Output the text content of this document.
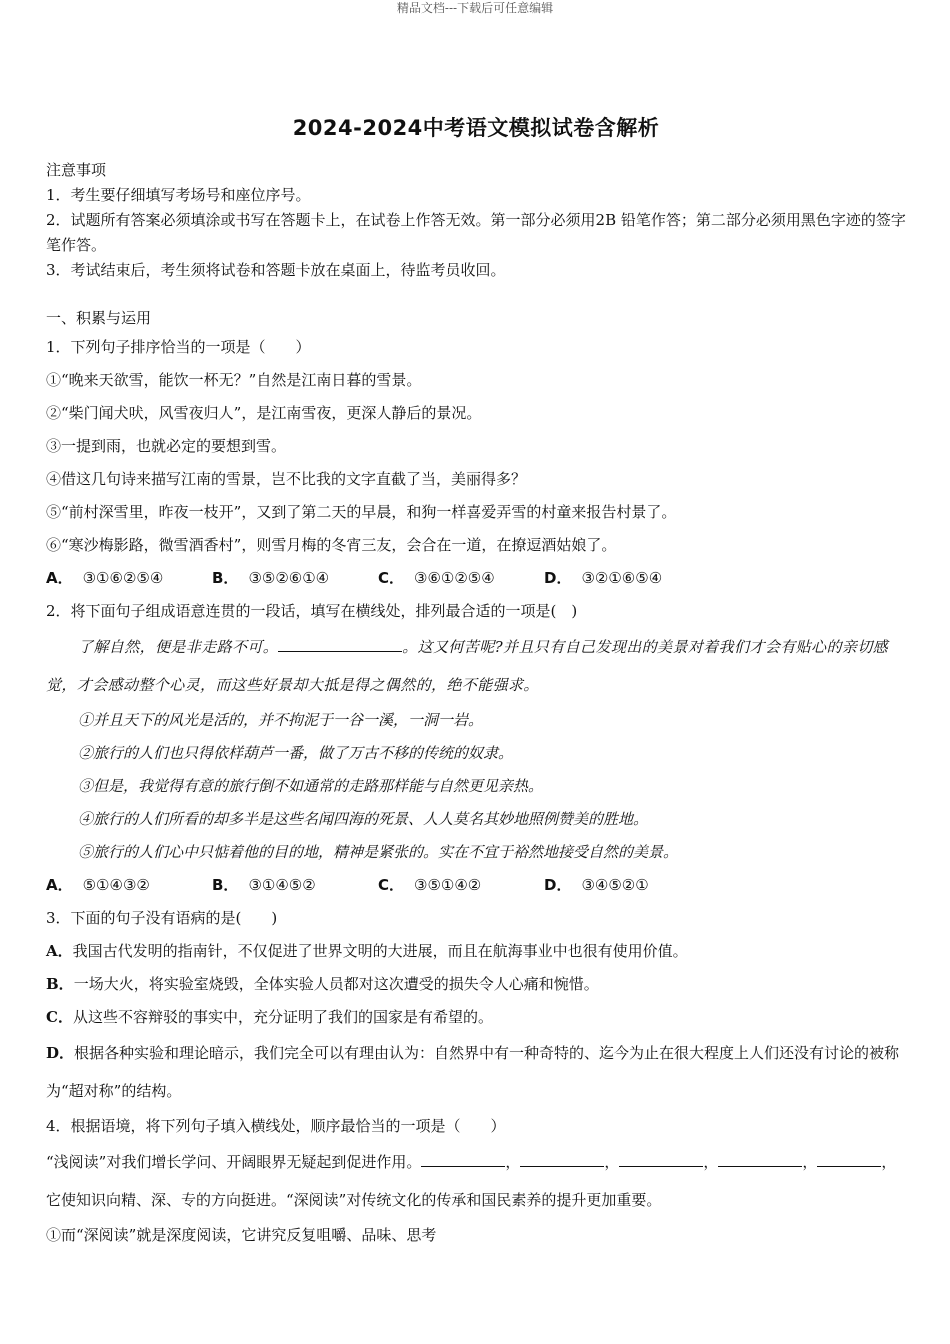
精品文档---下载后可任意编辑
2024-2024中考语文模拟试卷含解析
注意事项
1．考生要仔细填写考场号和座位序号。
2．试题所有答案必须填涂或书写在答题卡上，在试卷上作答无效。第一部分必须用2B 铅笔作答；第二部分必须用黑色字迹的签字笔作答。
3．考试结束后，考生须将试卷和答题卡放在桌面上，待监考员收回。
一、积累与运用
1．下列句子排序恰当的一项是（　　）
①“晚来天欲雪，能饮一杯无？”自然是江南日暮的雪景。
②“柴门闻犬吠，风雪夜归人”，是江南雪夜，更深人静后的景况。
③一提到雨，也就必定的要想到雪。
④借这几句诗来描写江南的雪景，岂不比我的文字直截了当，美丽得多？
⑤“前村深雪里，昨夜一枝开”，又到了第二天的早晨，和狗一样喜爱弄雪的村童来报告村景了。
⑥“寒沙梅影路，微雪酒香村”，则雪月梅的冬宵三友，会合在一道，在撩逗酒姑娘了。
A． ③①⑥②⑤④	B． ③⑤②⑥①④	C． ③⑥①②⑤④	D． ③②①⑥⑤④
2．将下面句子组成语意连贯的一段话，填写在横线处，排列最合适的一项是(　)
了解自然，便是非走路不可。	。这又何苦呢?并且只有自己发现出的美景对着我们才会有贴心的亲切感觉，才会感动整个心灵，而这些好景却大抵是得之偶然的，绝不能强求。
①并且天下的风光是活的，并不拘泥于一谷一溪，一洞一岩。
②旅行的人们也只得依样葫芦一番，做了万古不移的传统的奴隶。
③但是，我觉得有意的旅行倒不如通常的走路那样能与自然更见亲热。
④旅行的人们所看的却多半是这些名闻四海的死景、人人莫名其妙地照例赞美的胜地。
⑤旅行的人们心中只惦着他的目的地，精神是紧张的。实在不宜于裕然地接受自然的美景。
A． ⑤①④③②	B． ③①④⑤②	C． ③⑤①④②	D． ③④⑤②①
3．下面的句子没有语病的是(　　)
A．我国古代发明的指南针，不仅促进了世界文明的大进展，而且在航海事业中也很有使用价值。
B．一场大火，将实验室烧毁，全体实验人员都对这次遭受的损失令人心痛和惋惜。
C．从这些不容辩驳的事实中，充分证明了我们的国家是有希望的。
D．根据各种实验和理论暗示，我们完全可以有理由认为：自然界中有一种奇特的、迄今为止在很大程度上人们还没有讨论的被称为“超对称”的结构。
4．根据语境，将下列句子填入横线处，顺序最恰当的一项是（　　）
“浅阅读”对我们增长学问、开阔眼界无疑起到促进作用。	，	，	，	，	，它使知识向精、深、专的方向挺进。“深阅读”对传统文化的传承和国民素养的提升更加重要。
①而“深阅读”就是深度阅读，它讲究反复咀嚼、品味、思考
